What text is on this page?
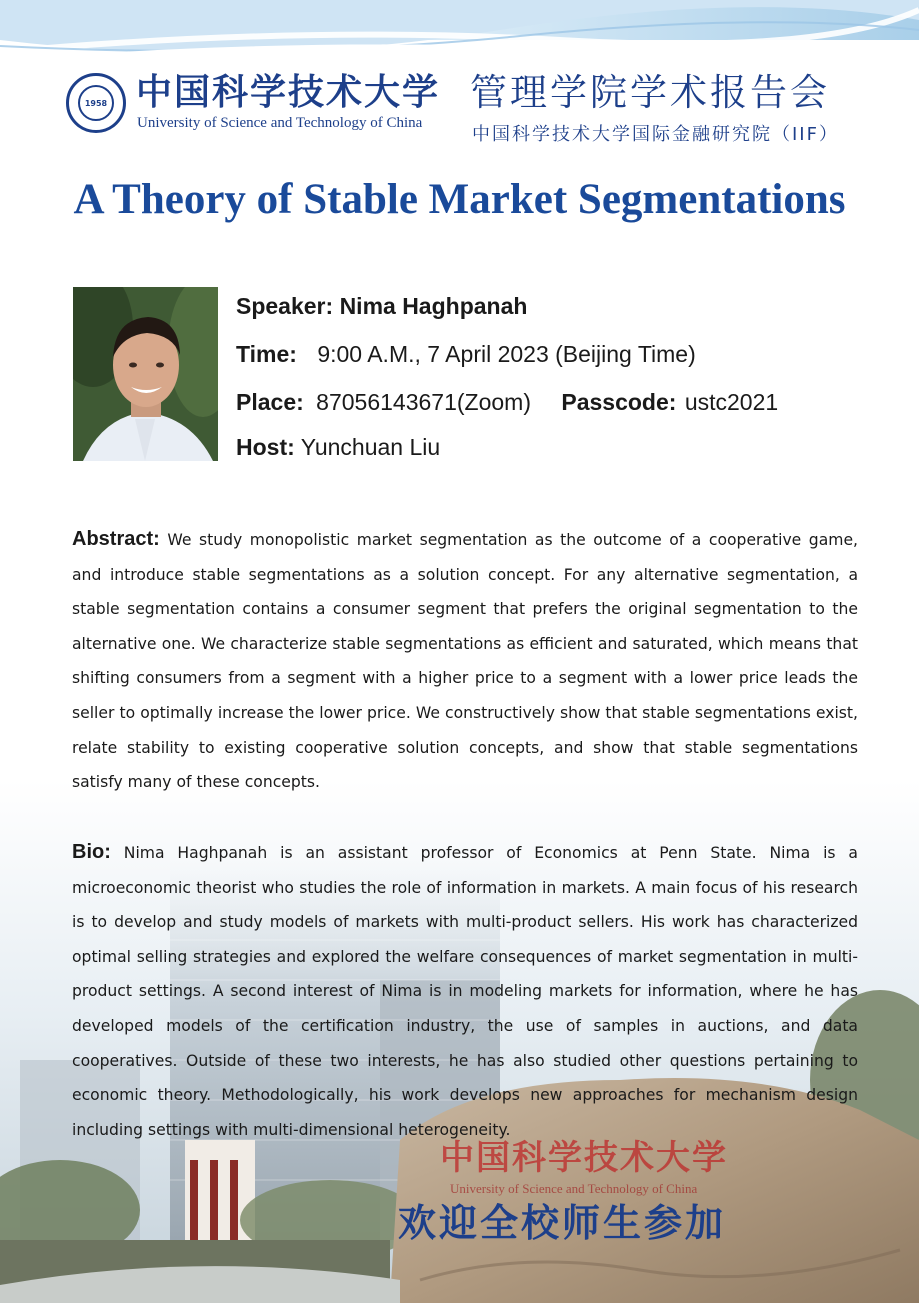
1958 中国科学技术大学
University of Science and Technology of China
管理学院学术报告会
中国科学技术大学国际金融研究院（IIF）
A Theory of Stable Market Segmentations
Speaker: Nima Haghpanah
Time: 9:00 A.M., 7 April 2023 (Beijing Time)
Place: 87056143671(Zoom) Passcode: ustc2021
Host: Yunchuan Liu
Abstract: We study monopolistic market segmentation as the outcome of a cooperative game, and introduce stable segmentations as a solution concept. For any alternative segmentation, a stable segmentation contains a consumer segment that prefers the original segmentation to the alternative one. We characterize stable segmentations as efficient and saturated, which means that shifting consumers from a segment with a higher price to a segment with a lower price leads the seller to optimally increase the lower price. We constructively show that stable segmentations exist, relate stability to existing cooperative solution concepts, and show that stable segmentations satisfy many of these concepts.
Bio: Nima Haghpanah is an assistant professor of Economics at Penn State. Nima is a microeconomic theorist who studies the role of information in markets. A main focus of his research is to develop and study models of markets with multi-product sellers. His work has characterized optimal selling strategies and explored the welfare consequences of market segmentation in multi-product settings. A second interest of Nima is in modeling markets for information, where he has developed models of the certification industry, the use of samples in auctions, and data cooperatives. Outside of these two interests, he has also studied other questions pertaining to economic theory. Methodologically, his work develops new approaches for mechanism design including settings with multi-dimensional heterogeneity.
中国科学技术大学
University of Science and Technology of China
欢迎全校师生参加
